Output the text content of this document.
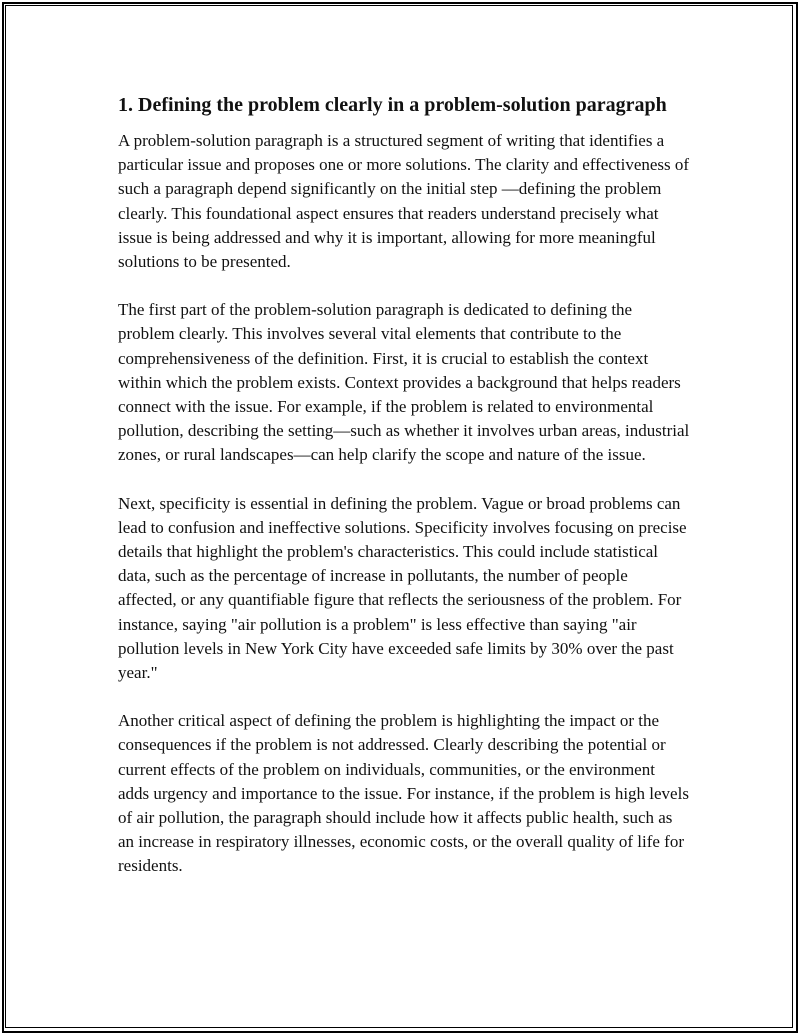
1. Defining the problem clearly in a problem-solution paragraph

A problem-solution paragraph is a structured segment of writing that identifies a particular issue and proposes one or more solutions. The clarity and effectiveness of such a paragraph depend significantly on the initial step —defining the problem clearly. This foundational aspect ensures that readers understand precisely what issue is being addressed and why it is important, allowing for more meaningful solutions to be presented.

The first part of the problem-solution paragraph is dedicated to defining the problem clearly. This involves several vital elements that contribute to the comprehensiveness of the definition. First, it is crucial to establish the context within which the problem exists. Context provides a background that helps readers connect with the issue. For example, if the problem is related to environmental pollution, describing the setting—such as whether it involves urban areas, industrial zones, or rural landscapes—can help clarify the scope and nature of the issue.

Next, specificity is essential in defining the problem. Vague or broad problems can lead to confusion and ineffective solutions. Specificity involves focusing on precise details that highlight the problem's characteristics. This could include statistical data, such as the percentage of increase in pollutants, the number of people affected, or any quantifiable figure that reflects the seriousness of the problem. For instance, saying "air pollution is a problem" is less effective than saying "air pollution levels in New York City have exceeded safe limits by 30% over the past year."

Another critical aspect of defining the problem is highlighting the impact or the consequences if the problem is not addressed. Clearly describing the potential or current effects of the problem on individuals, communities, or the environment adds urgency and importance to the issue. For instance, if the problem is high levels of air pollution, the paragraph should include how it affects public health, such as an increase in respiratory illnesses, economic costs, or the overall quality of life for residents.
